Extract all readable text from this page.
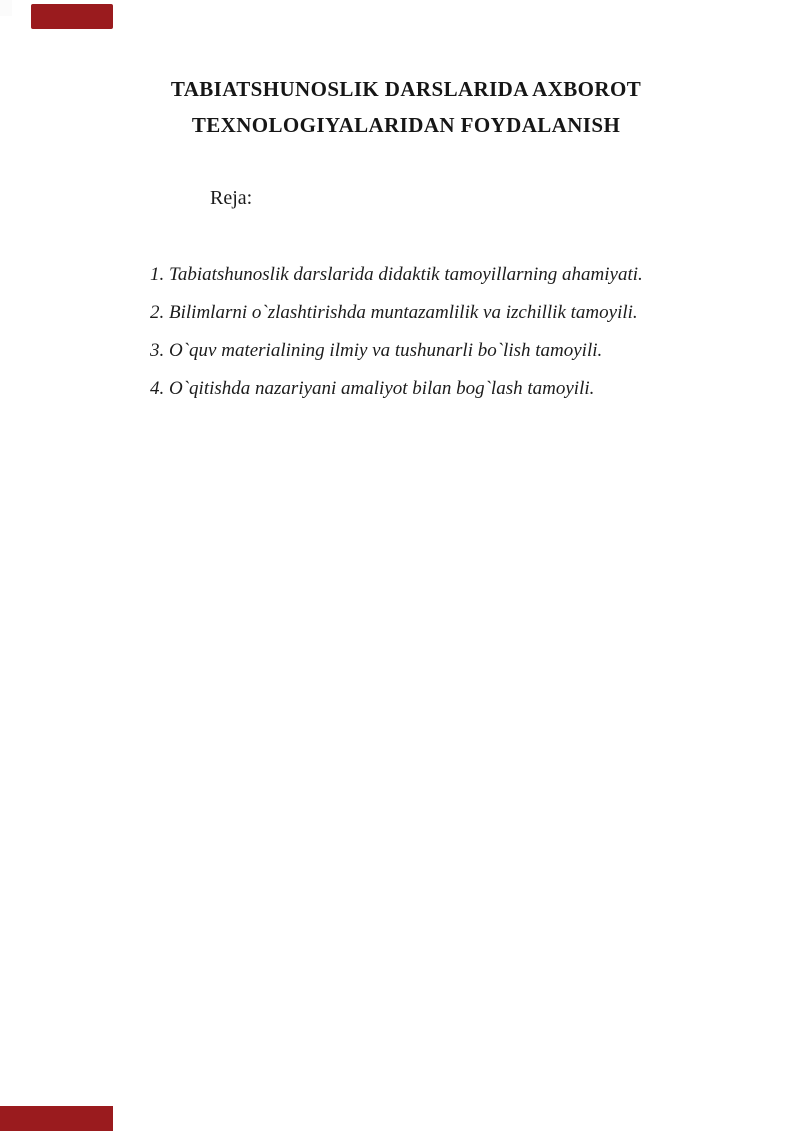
TABIATSHUNOSLIK DARSLARIDA AXBOROT
TEXNOLOGIYALARIDAN FOYDALANISH

Reja:

1. Tabiatshunoslik darslarida didaktik tamoyillarning ahamiyati.

2. Bilimlarni o`zlashtirishda muntazamlilik va izchillik tamoyili.

3. O`quv materialining ilmiy va tushunarli bo`lish tamoyili.

4. O`qitishda nazariyani amaliyot bilan bog`lash tamoyili.
